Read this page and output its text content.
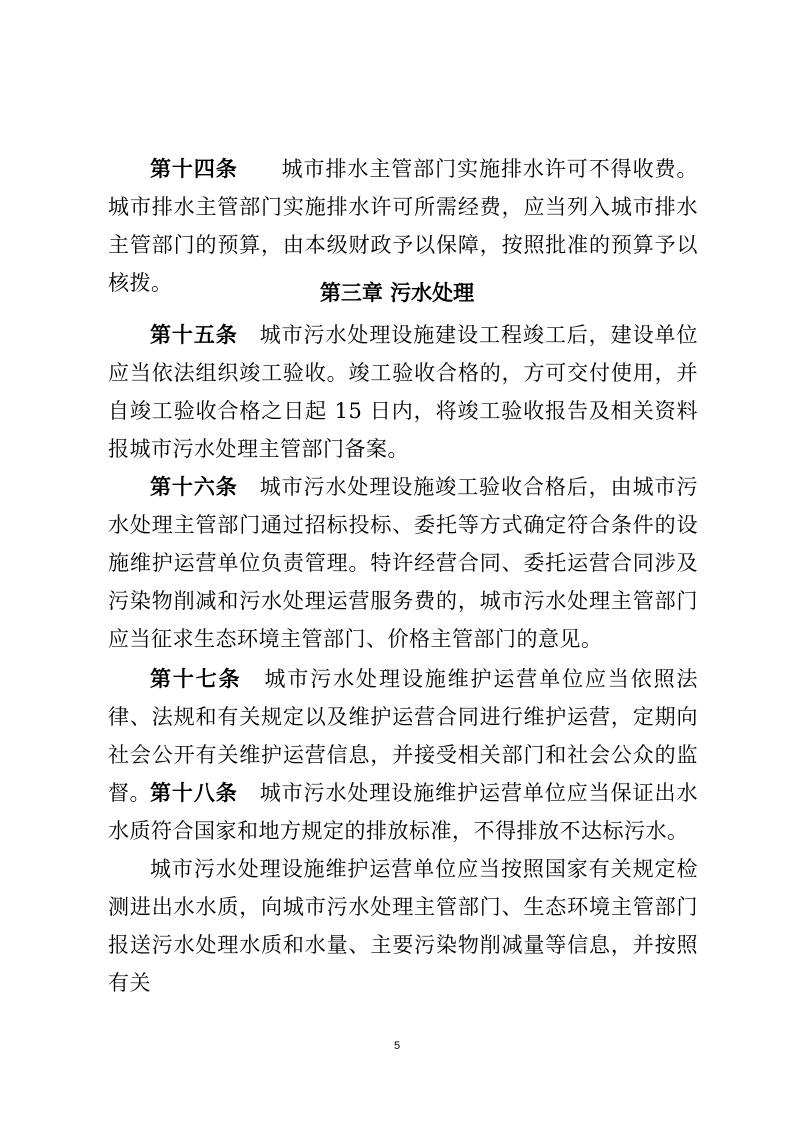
第十四条　　 城市排水主管部门实施排水许可不得收费。城市排水主管部门实施排水许可所需经费，应当列入城市排水主管部门的预算，由本级财政予以保障，按照批准的预算予以核拨。	第三章 污水处理

第十五条　 城市污水处理设施建设工程竣工后，建设单位应当依法组织竣工验收。竣工验收合格的，方可交付使用，并自竣工验收合格之日起 15 日内，将竣工验收报告及相关资料报城市污水处理主管部门备案。

第十六条　 城市污水处理设施竣工验收合格后，由城市污水处理主管部门通过招标投标、委托等方式确定符合条件的设施维护运营单位负责管理。特许经营合同、委托运营合同涉及污染物削减和污水处理运营服务费的，城市污水处理主管部门应当征求生态环境主管部门、价格主管部门的意见。

第十七条　 城市污水处理设施维护运营单位应当依照法律、法规和有关规定以及维护运营合同进行维护运营，定期向社会公开有关维护运营信息，并接受相关部门和社会公众的监督。 第十八条　 城市污水处理设施维护运营单位应当保证出水水质符合国家和地方规定的排放标准，不得排放不达标污水。

城市污水处理设施维护运营单位应当按照国家有关规定检测进出水水质，向城市污水处理主管部门、生态环境主管部门报送污水处理水质和水量、主要污染物削减量等信息，并按照有关

5
